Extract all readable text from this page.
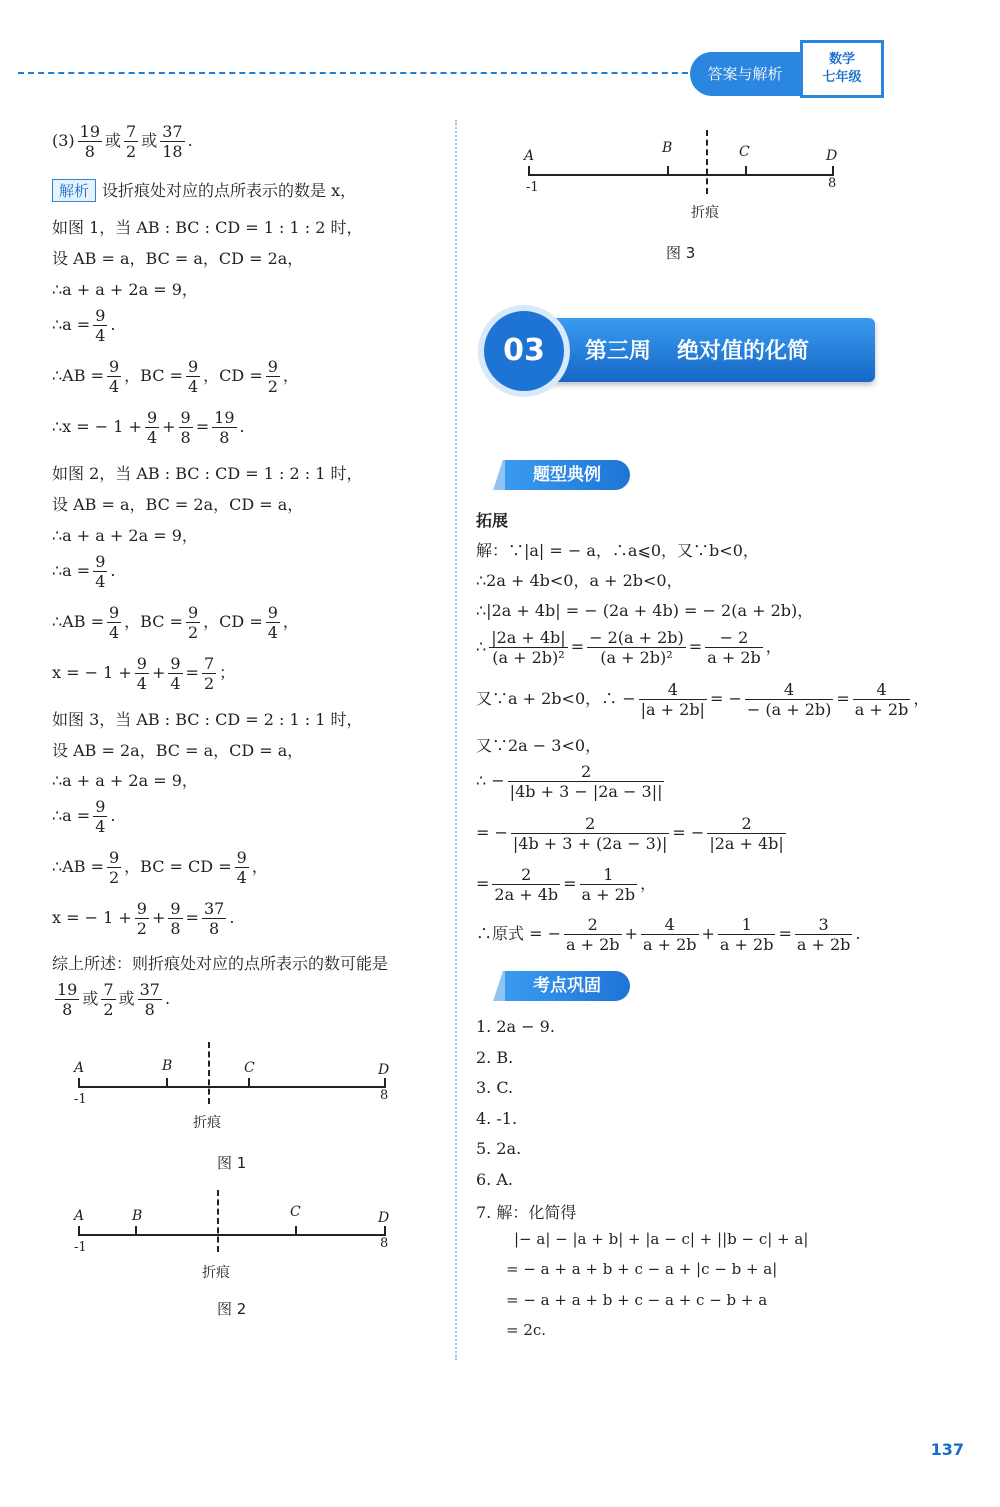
答案与解析
数学
七年级
$(3) \frac{19}{8}$ 或 $\frac{7}{2}$ 或 $\frac{37}{18}$ .
解析 设折痕处对应的点所表示的数是 x，
如图 1，当 AB : BC : CD = 1 : 1 : 2 时，
设 AB = a，BC = a，CD = 2a，
∴a + a + 2a = 9，
∴a = $\frac{9}{4}$ .
∴AB = $\frac{9}{4}$ ，BC = $\frac{9}{4}$ ，CD = $\frac{9}{2}$ ，
∴x = − $1 + \frac{9}{4} + \frac{9}{8} = \frac{19}{8}$ .
如图 2，当 AB : BC : CD = 1 : 2 : 1 时，
设 AB = a，BC = 2a，CD = a，
∴a + a + 2a = 9，
∴a = $\frac{9}{4}$ .
∴AB = $\frac{9}{4}$ ，BC = $\frac{9}{2}$ ，CD = $\frac{9}{4}$ ，
x = − $1 + \frac{9}{4} + \frac{9}{4} = \frac{7}{2}$ ；
如图 3，当 AB : BC : CD = 2 : 1 : 1 时，
设 AB = 2a，BC = a，CD = a，
∴a + a + 2a = 9，
∴a = $\frac{9}{4}$ .
∴AB = $\frac{9}{2}$ ，BC = CD = $\frac{9}{4}$ ，
x = − $1 + \frac{9}{2} + \frac{9}{8} = \frac{37}{8}$ .
综上所述：则折痕处对应的点所表示的数可能是
$\frac{19}{8}$ 或 $\frac{7}{2}$ 或 $\frac{37}{8}$ .
A	B	C	D
-1	8
折痕
图 1
A	B	C	D
-1	8
折痕
图 2
A	B	C	D
-1	8
折痕
图 3
03	第三周 绝对值的化简
题型典例
拓展
解：∵|a| = − a，∴a⩽0，又∵b<0，
∴2a + 4b<0，a + 2b<0，
∴|2a + 4b| = − (2a + 4b) = − 2(a + 2b)，
∴ $\frac{|2a + 4b|}{\text{(a + 2b)²}} = \frac{- 2(a + 2b)}{\text{(a + 2b)²}} = \frac{- 2}{a + 2b}$ ，
又∵a + 2b<0，∴ − $\frac{4}{|a + 2b|}$ = − $\frac{4}{- (a + 2b)} = \frac{4}{a + 2b}$ ，
又∵2a − 3<0，
∴ − $\frac{2}{|4b + 3 - |2a - 3||}$
= − $\frac{2}{|4b + 3 + (2a - 3)|}$ = − $\frac{2}{|2a + 4b|}$
= $\frac{2}{2a + 4b} = \frac{1}{a + 2b}$ ，
∴原式 = − $\frac{2}{a + 2b} + \frac{4}{a + 2b} + \frac{1}{a + 2b} = \frac{3}{a + 2b}$ .
考点巩固
1. 2a − 9.
2. B.
3. C.
4. -1.
5. 2a.
6. A.
7. 解：化简得
|− a| − |a + b| + |a − c| + ||b − c| + a|
= − a + a + b + c − a + |c − b + a|
= − a + a + b + c − a + c − b + a
= 2c.
137
